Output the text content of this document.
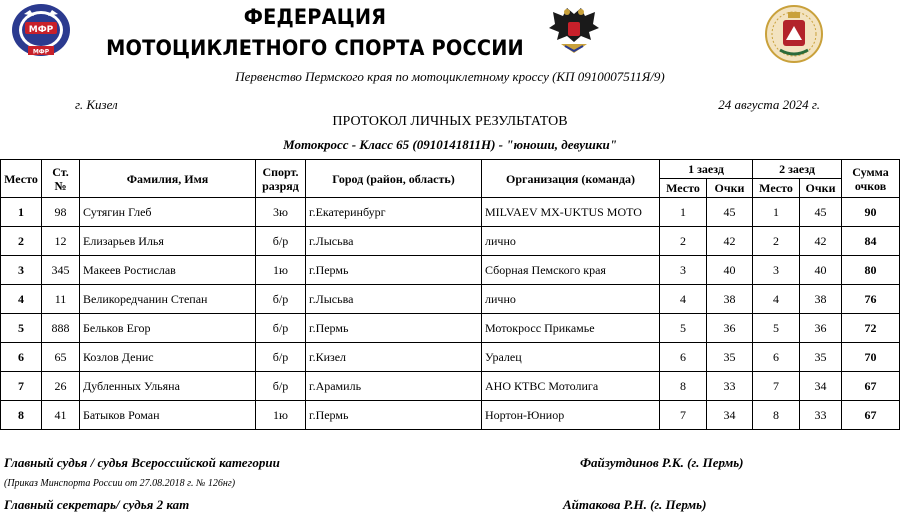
МФР
МФР
ФЕДЕРАЦИЯ
МОТОЦИКЛЕТНОГО СПОРТА РОССИИ
Первенство Пермского края по мотоциклетному кроссу (КП 0910007511Я/9)
г. Кизел	24 августа 2024 г.
ПРОТОКОЛ ЛИЧНЫХ РЕЗУЛЬТАТОВ
Мотокросс - Класс 65 (0910141811Н) - "юноши, девушки"
Место	Ст. №	Фамилия, Имя	Спорт. разряд	Город (район, область)	Организация (команда)	1 заезд		2 заезд		Сумма очков
						Место	Очки	Место	Очки	
1	98	Сутягин Глеб	3ю	г.Екатеринбург	MILVAEV MX-UKTUS MOTO	1	45	1	45	90
2	12	Елизарьев Илья	б/р	г.Лысьва	лично	2	42	2	42	84
3	345	Макеев Ростислав	1ю	г.Пермь	Сборная Пемского края	3	40	3	40	80
4	11	Великоредчанин Степан	б/р	г.Лысьва	лично	4	38	4	38	76
5	888	Бельков Егор	б/р	г.Пермь	Мотокросс Прикамье	5	36	5	36	72
6	65	Козлов Денис	б/р	г.Кизел	Уралец	6	35	6	35	70
7	26	Дубленных Ульяна	б/р	г.Арамиль	АНО КТВС Мотолига	8	33	7	34	67
8	41	Батыков Роман	1ю	г.Пермь	Нортон-Юниор	7	34	8	33	67
Главный судья / судья Всероссийской категории	Файзутдинов Р.К. (г. Пермь)
(Приказ Минспорта России от 27.08.2018 г. № 126нг)
Главный секретарь/ судья 2 кат	Айтакова Р.Н. (г. Пермь)
